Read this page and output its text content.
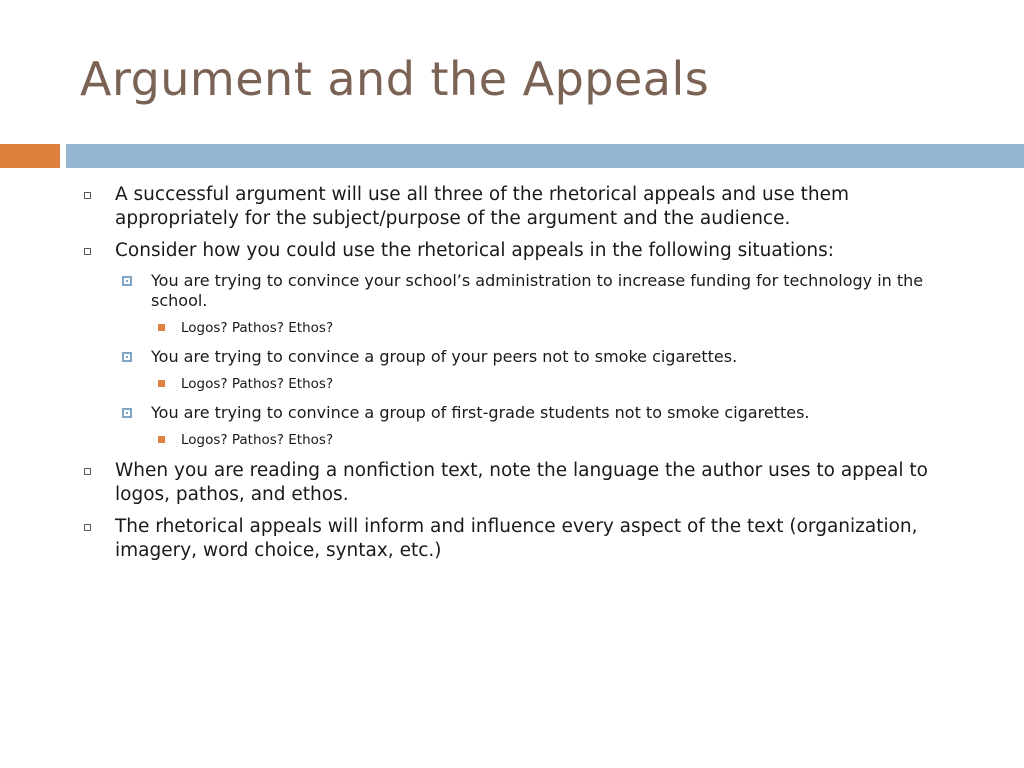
Argument and the Appeals
A successful argument will use all three of the rhetorical appeals and use them appropriately for the subject/purpose of the argument and the audience.
Consider how you could use the rhetorical appeals in the following situations:
You are trying to convince your school’s administration to increase funding for technology in the school.
Logos? Pathos? Ethos?
You are trying to convince a group of your peers not to smoke cigarettes.
Logos? Pathos? Ethos?
You are trying to convince a group of first-grade students not to smoke cigarettes.
Logos? Pathos? Ethos?
When you are reading a nonfiction text, note the language the author uses to appeal to logos, pathos, and ethos.
The rhetorical appeals will inform and influence every aspect of the text (organization, imagery, word choice, syntax, etc.)
